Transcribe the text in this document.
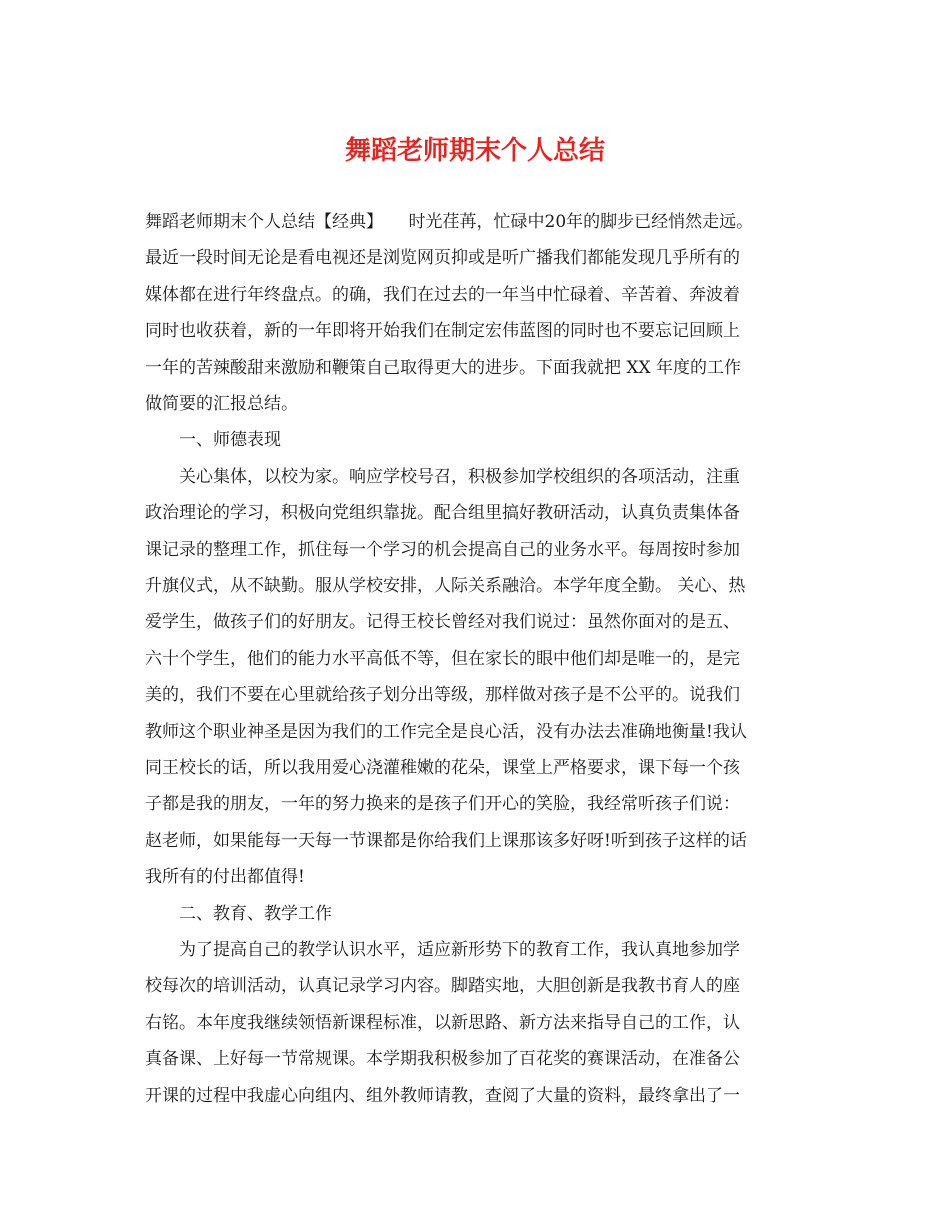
舞蹈老师期末个人总结
舞蹈老师期末个人总结【经典】　　时光荏苒，忙碌中20年的脚步已经悄然走远。
最近一段时间无论是看电视还是浏览网页抑或是听广播我们都能发现几乎所有的
媒体都在进行年终盘点。的确，我们在过去的一年当中忙碌着、辛苦着、奔波着
同时也收获着，新的一年即将开始我们在制定宏伟蓝图的同时也不要忘记回顾上
一年的苦辣酸甜来激励和鞭策自己取得更大的进步。下面我就把 XX 年度的工作
做简要的汇报总结。
　　一、师德表现
　　关心集体，以校为家。响应学校号召，积极参加学校组织的各项活动，注重
政治理论的学习，积极向党组织靠拢。配合组里搞好教研活动，认真负责集体备
课记录的整理工作，抓住每一个学习的机会提高自己的业务水平。每周按时参加
升旗仪式，从不缺勤。服从学校安排，人际关系融洽。本学年度全勤。 关心、热
爱学生，做孩子们的好朋友。记得王校长曾经对我们说过：虽然你面对的是五、
六十个学生，他们的能力水平高低不等，但在家长的眼中他们却是唯一的，是完
美的，我们不要在心里就给孩子划分出等级，那样做对孩子是不公平的。说我们
教师这个职业神圣是因为我们的工作完全是良心活，没有办法去准确地衡量!我认
同王校长的话，所以我用爱心浇灌稚嫩的花朵，课堂上严格要求，课下每一个孩
子都是我的朋友，一年的努力换来的是孩子们开心的笑脸，我经常听孩子们说：
赵老师，如果能每一天每一节课都是你给我们上课那该多好呀!听到孩子这样的话
我所有的付出都值得!
　　二、教育、教学工作
　　为了提高自己的教学认识水平，适应新形势下的教育工作，我认真地参加学
校每次的培训活动，认真记录学习内容。脚踏实地，大胆创新是我教书育人的座
右铭。本年度我继续领悟新课程标准，以新思路、新方法来指导自己的工作，认
真备课、上好每一节常规课。本学期我积极参加了百花奖的赛课活动，在准备公
开课的过程中我虚心向组内、组外教师请教，查阅了大量的资料，最终拿出了一
